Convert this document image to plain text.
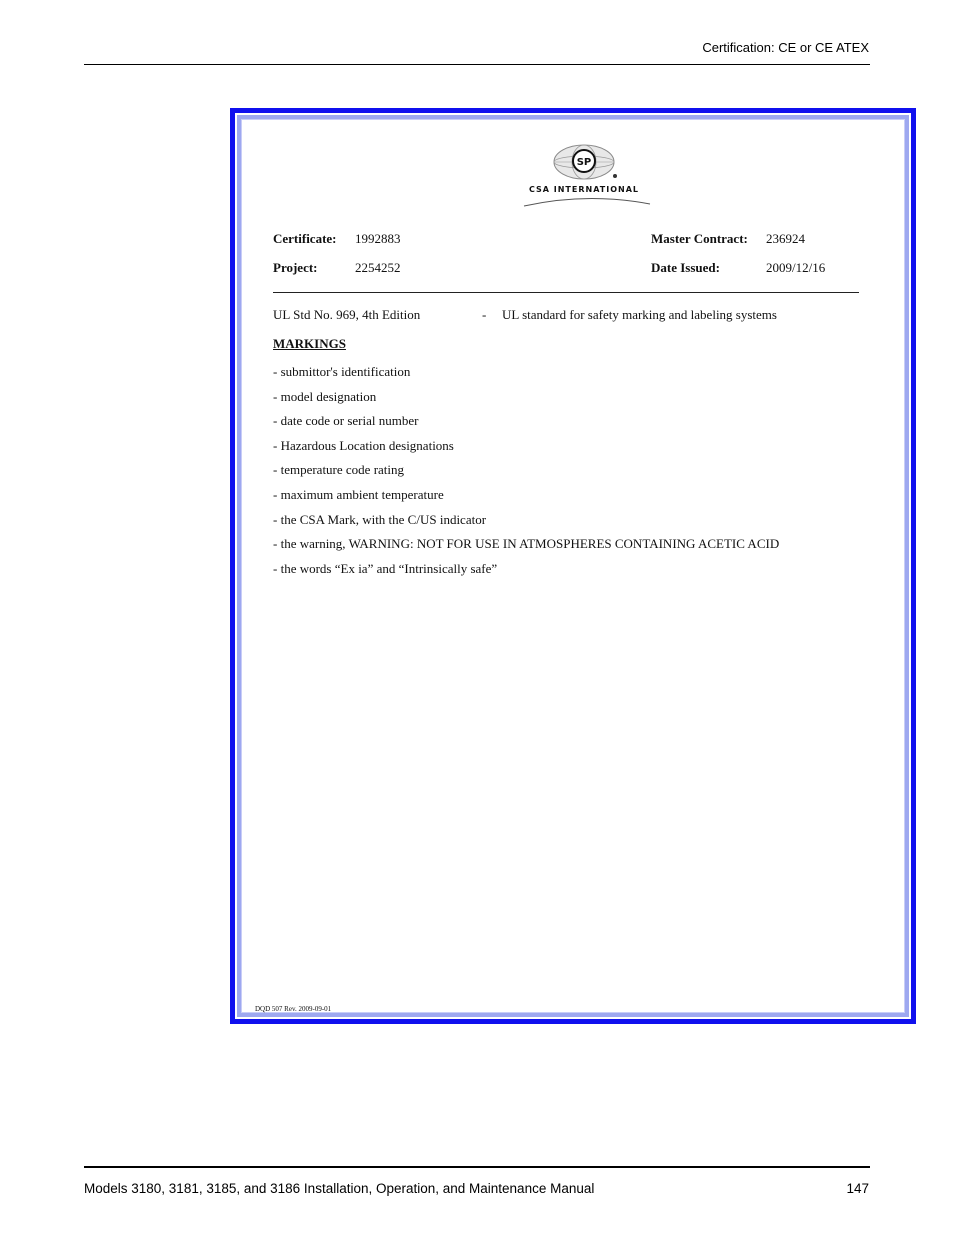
Certification: CE or CE ATEX
SP
CSA INTERNATIONAL
Certificate: 1992883	Master Contract: 236924
Project:	2254252	Date Issued:	2009/12/16
UL Std No. 969, 4th Edition	- UL standard for safety marking and labeling systems
MARKINGS
- submittor's identification
- model designation
- date code or serial number
- Hazardous Location designations
- temperature code rating
- maximum ambient temperature
- the CSA Mark, with the C/US indicator
- the warning, WARNING: NOT FOR USE IN ATMOSPHERES CONTAINING ACETIC ACID
- the words “Ex ia” and “Intrinsically safe”
DQD 507 Rev. 2009-09-01
Models 3180, 3181, 3185, and 3186 Installation, Operation, and Maintenance Manual	147
